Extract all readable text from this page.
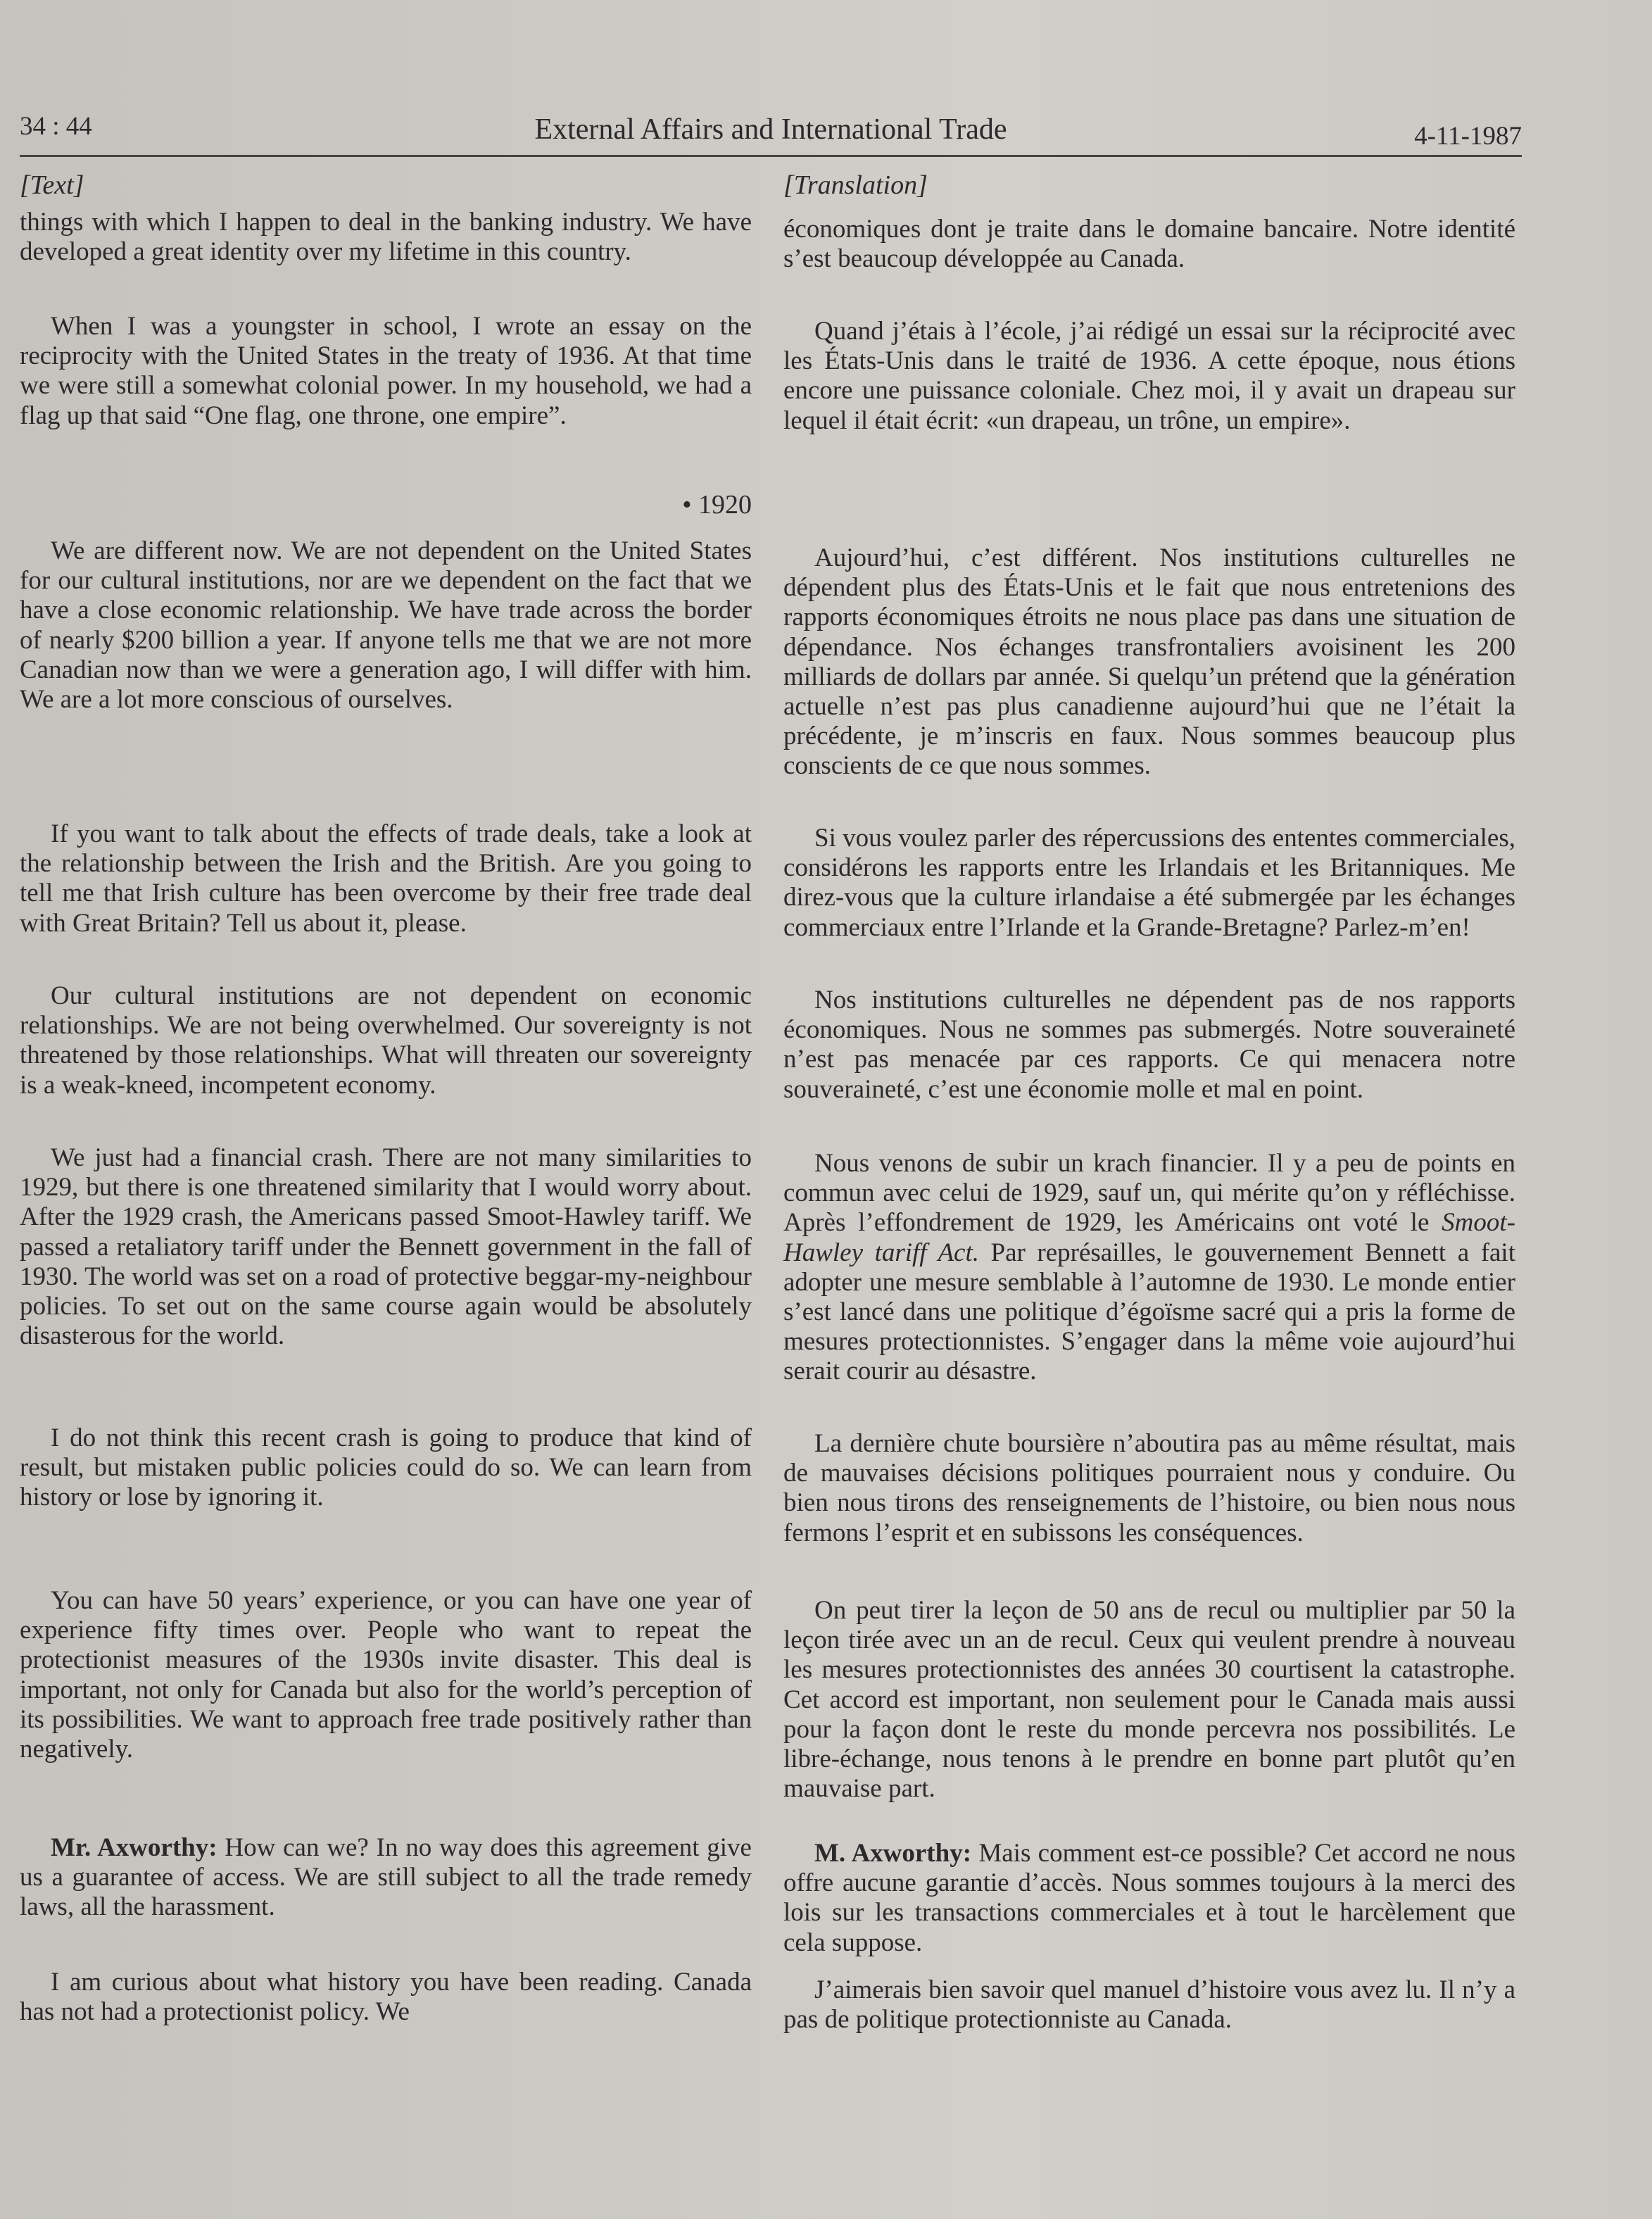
34 : 44	External Affairs and International Trade	4-11-1987

[Text]

things with which I happen to deal in the banking industry. We have developed a great identity over my lifetime in this country.

When I was a youngster in school, I wrote an essay on the reciprocity with the United States in the treaty of 1936. At that time we were still a somewhat colonial power. In my household, we had a flag up that said “One flag, one throne, one empire”.

• 1920

We are different now. We are not dependent on the United States for our cultural institutions, nor are we dependent on the fact that we have a close economic relationship. We have trade across the border of nearly $200 billion a year. If anyone tells me that we are not more Canadian now than we were a generation ago, I will differ with him. We are a lot more conscious of ourselves.

If you want to talk about the effects of trade deals, take a look at the relationship between the Irish and the British. Are you going to tell me that Irish culture has been overcome by their free trade deal with Great Britain? Tell us about it, please.

Our cultural institutions are not dependent on economic relationships. We are not being overwhelmed. Our sovereignty is not threatened by those relationships. What will threaten our sovereignty is a weak-kneed, incompetent economy.

We just had a financial crash. There are not many similarities to 1929, but there is one threatened similarity that I would worry about. After the 1929 crash, the Americans passed Smoot-Hawley tariff. We passed a retaliatory tariff under the Bennett government in the fall of 1930. The world was set on a road of protective beggar-my-neighbour policies. To set out on the same course again would be absolutely disasterous for the world.

I do not think this recent crash is going to produce that kind of result, but mistaken public policies could do so. We can learn from history or lose by ignoring it.

You can have 50 years’ experience, or you can have one year of experience fifty times over. People who want to repeat the protectionist measures of the 1930s invite disaster. This deal is important, not only for Canada but also for the world’s perception of its possibilities. We want to approach free trade positively rather than negatively.

Mr. Axworthy: How can we? In no way does this agreement give us a guarantee of access. We are still subject to all the trade remedy laws, all the harassment.

I am curious about what history you have been reading. Canada has not had a protectionist policy. We

[Translation]

économiques dont je traite dans le domaine bancaire. Notre identité s’est beaucoup développée au Canada.

Quand j’étais à l’école, j’ai rédigé un essai sur la réciprocité avec les États-Unis dans le traité de 1936. A cette époque, nous étions encore une puissance coloniale. Chez moi, il y avait un drapeau sur lequel il était écrit: «un drapeau, un trône, un empire».

Aujourd’hui, c’est différent. Nos institutions culturelles ne dépendent plus des États-Unis et le fait que nous entretenions des rapports économiques étroits ne nous place pas dans une situation de dépendance. Nos échanges transfrontaliers avoisinent les 200 milliards de dollars par année. Si quelqu’un prétend que la génération actuelle n’est pas plus canadienne aujourd’hui que ne l’était la précédente, je m’inscris en faux. Nous sommes beaucoup plus conscients de ce que nous sommes.

Si vous voulez parler des répercussions des ententes commerciales, considérons les rapports entre les Irlandais et les Britanniques. Me direz-vous que la culture irlandaise a été submergée par les échanges commerciaux entre l’Irlande et la Grande-Bretagne? Parlez-m’en!

Nos institutions culturelles ne dépendent pas de nos rapports économiques. Nous ne sommes pas submergés. Notre souveraineté n’est pas menacée par ces rapports. Ce qui menacera notre souveraineté, c’est une économie molle et mal en point.

Nous venons de subir un krach financier. Il y a peu de points en commun avec celui de 1929, sauf un, qui mérite qu’on y réfléchisse. Après l’effondrement de 1929, les Américains ont voté le Smoot-Hawley tariff Act. Par représailles, le gouvernement Bennett a fait adopter une mesure semblable à l’automne de 1930. Le monde entier s’est lancé dans une politique d’égoïsme sacré qui a pris la forme de mesures protectionnistes. S’engager dans la même voie aujourd’hui serait courir au désastre.

La dernière chute boursière n’aboutira pas au même résultat, mais de mauvaises décisions politiques pourraient nous y conduire. Ou bien nous tirons des renseignements de l’histoire, ou bien nous nous fermons l’esprit et en subissons les conséquences.

On peut tirer la leçon de 50 ans de recul ou multiplier par 50 la leçon tirée avec un an de recul. Ceux qui veulent prendre à nouveau les mesures protectionnistes des années 30 courtisent la catastrophe. Cet accord est important, non seulement pour le Canada mais aussi pour la façon dont le reste du monde percevra nos possibilités. Le libre-échange, nous tenons à le prendre en bonne part plutôt qu’en mauvaise part.

M. Axworthy: Mais comment est-ce possible? Cet accord ne nous offre aucune garantie d’accès. Nous sommes toujours à la merci des lois sur les transactions commerciales et à tout le harcèlement que cela suppose.

J’aimerais bien savoir quel manuel d’histoire vous avez lu. Il n’y a pas de politique protectionniste au Canada.
